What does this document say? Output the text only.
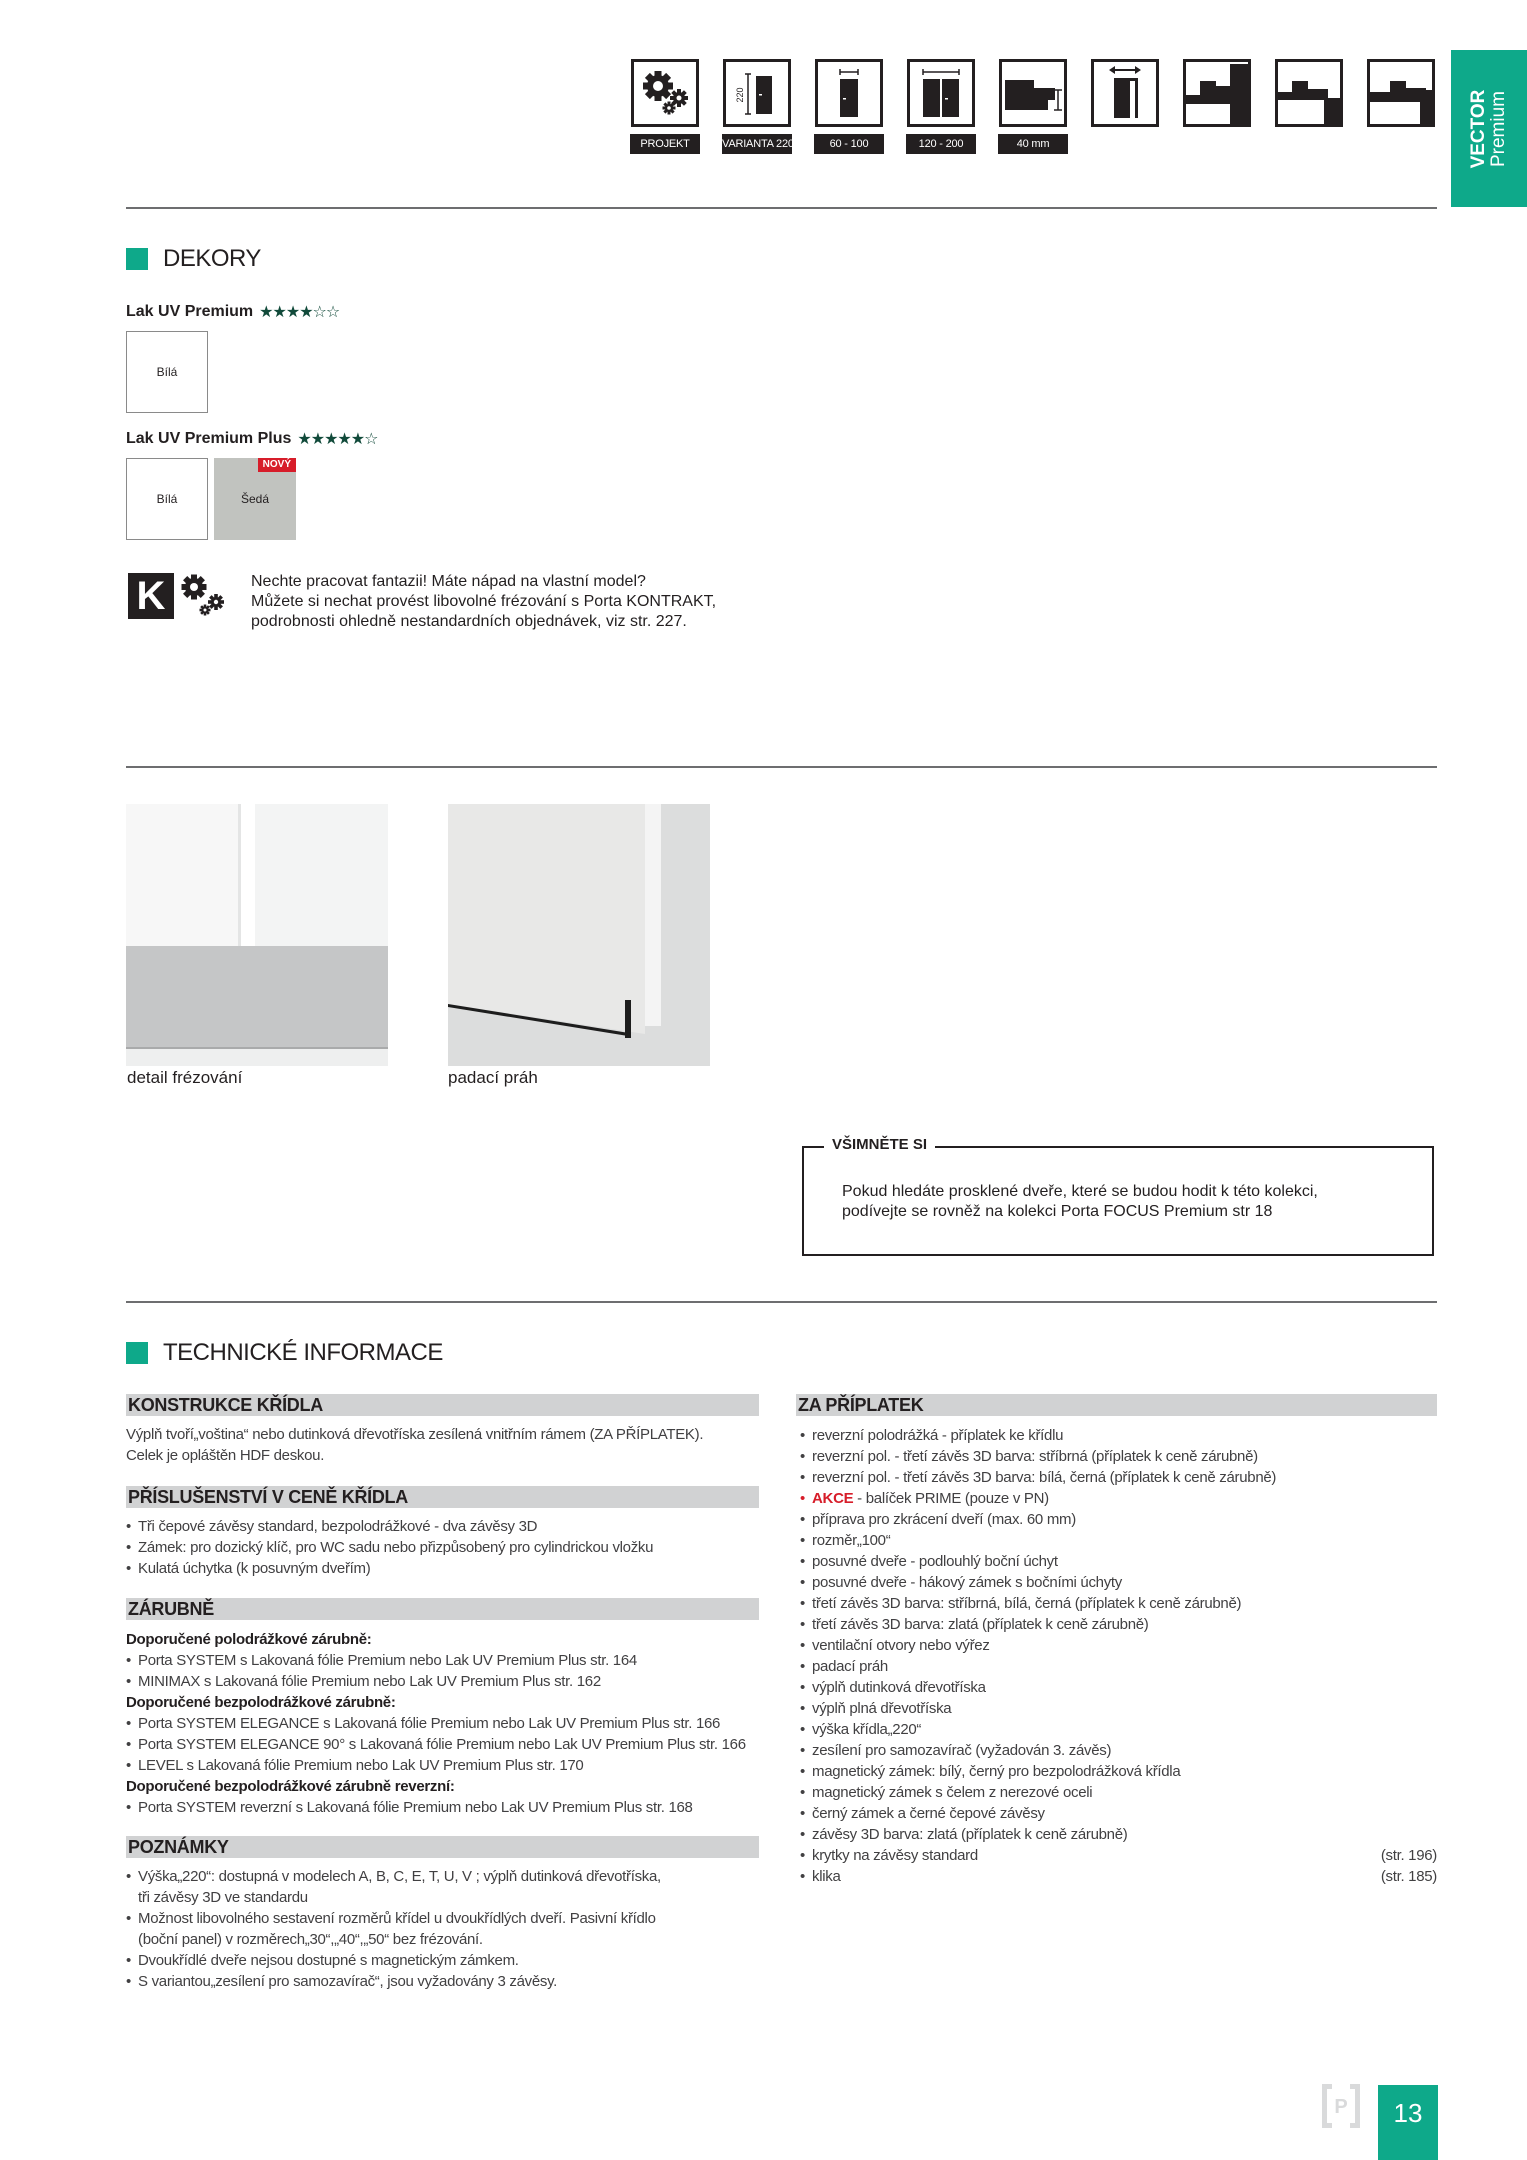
PROJEKT
220
VARIANTA 220	60 - 100	120 - 200	40 mm	VECTOR Premium
DEKORY
Lak UV Premium ★★★★☆☆
Bílá
Lak UV Premium Plus ★★★★★☆
Bílá
NOVÝ
Šedá
K	Nechte pracovat fantazii! Máte nápad na vlastní model?
Můžete si nechat provést libovolné frézování s Porta KONTRAKT,
podrobnosti ohledně nestandardních objednávek, viz str. 227.
detail frézování	padací práh
VŠIMNĚTE SI
Pokud hledáte prosklené dveře, které se budou hodit k této kolekci,
podívejte se rovněž na kolekci Porta FOCUS Premium str 18
TECHNICKÉ INFORMACE
KONSTRUKCE KŘÍDLA
Výplň tvoří„voština“ nebo dutinková dřevotříska zesílená vnitřním rámem (ZA PŘÍPLATEK).
Celek je opláštěn HDF deskou.
PŘÍSLUŠENSTVÍ V CENĚ KŘÍDLA
• Tři čepové závěsy standard, bezpolodrážkové - dva závěsy 3D
• Zámek: pro dozický klíč, pro WC sadu nebo přizpůsobený pro cylindrickou vložku
• Kulatá úchytka (k posuvným dveřím)
ZÁRUBNĚ
Doporučené polodrážkové zárubně:
• Porta SYSTEM s Lakovaná fólie Premium nebo Lak UV Premium Plus str. 164
• MINIMAX s Lakovaná fólie Premium nebo Lak UV Premium Plus str. 162
Doporučené bezpolodrážkové zárubně:
• Porta SYSTEM ELEGANCE s Lakovaná fólie Premium nebo Lak UV Premium Plus str. 166
• Porta SYSTEM ELEGANCE 90° s Lakovaná fólie Premium nebo Lak UV Premium Plus str. 166
• LEVEL s Lakovaná fólie Premium nebo Lak UV Premium Plus str. 170
Doporučené bezpolodrážkové zárubně reverzní:
• Porta SYSTEM reverzní s Lakovaná fólie Premium nebo Lak UV Premium Plus str. 168
POZNÁMKY
• Výška„220“: dostupná v modelech A, B, C, E, T, U, V ; výplň dutinková dřevotříska,
tři závěsy 3D ve standardu
• Možnost libovolného sestavení rozměrů křídel u dvoukřídlých dveří. Pasivní křídlo
(boční panel) v rozměrech„30“,„40“,„50“ bez frézování.
• Dvoukřídlé dveře nejsou dostupné s magnetickým zámkem.
• S variantou„zesílení pro samozavírač“, jsou vyžadovány 3 závěsy.
ZA PŘÍPLATEK
• reverzní polodrážká - příplatek ke křídlu
• reverzní pol. - třetí závěs 3D barva: stříbrná (příplatek k ceně zárubně)
• reverzní pol. - třetí závěs 3D barva: bílá, černá (příplatek k ceně zárubně)
• AKCE - balíček PRIME (pouze v PN)
• příprava pro zkrácení dveří (max. 60 mm)
• rozměr„100“
• posuvné dveře - podlouhlý boční úchyt
• posuvné dveře - hákový zámek s bočními úchyty
• třetí závěs 3D barva: stříbrná, bílá, černá (příplatek k ceně zárubně)
• třetí závěs 3D barva: zlatá (příplatek k ceně zárubně)
• ventilační otvory nebo výřez
• padací práh
• výplň dutinková dřevotříska
• výplň plná dřevotříska
• výška křídla„220“
• zesílení pro samozavírač (vyžadován 3. závěs)
• magnetický zámek: bílý, černý pro bezpolodrážková křídla
• magnetický zámek s čelem z nerezové oceli
• černý zámek a černé čepové závěsy
• závěsy 3D barva: zlatá (příplatek k ceně zárubně)
• krytky na závěsy standard	(str. 196)
• klika	(str. 185)
P	13
